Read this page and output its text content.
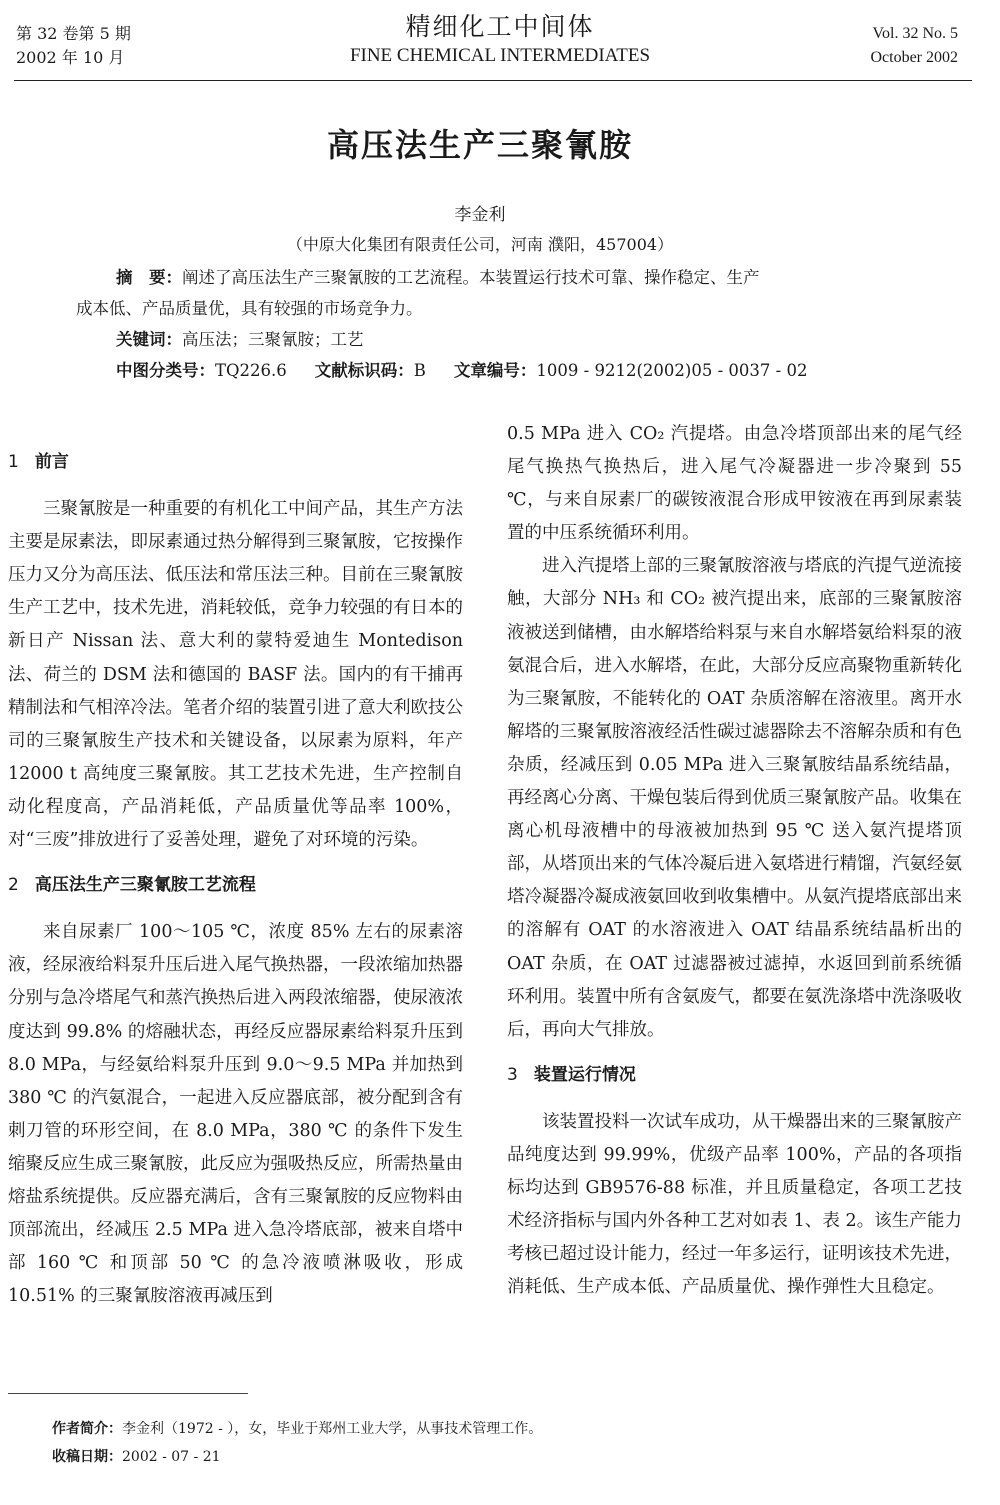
第 32 卷第 5 期
2002 年 10 月
精细化工中间体
FINE CHEMICAL INTERMEDIATES
Vol. 32 No. 5
October 2002
高压法生产三聚氰胺
李金利
（中原大化集团有限责任公司，河南 濮阳，457004）

摘　要：阐述了高压法生产三聚氰胺的工艺流程。本装置运行技术可靠、操作稳定、生产

成本低、产品质量优，具有较强的市场竞争力。

关键词：高压法；三聚氰胺；工艺

中图分类号：TQ226.6 文献标识码：B 文章编号：1009 - 9212(2002)05 - 0037 - 02

1 前言

三聚氰胺是一种重要的有机化工中间产品，其生产方法主要是尿素法，即尿素通过热分解得到三聚氰胺，它按操作压力又分为高压法、低压法和常压法三种。目前在三聚氰胺生产工艺中，技术先进，消耗较低，竞争力较强的有日本的新日产 Nissan 法、意大利的蒙特爱迪生 Montedison 法、荷兰的 DSM 法和德国的 BASF 法。国内的有干捕再精制法和气相淬冷法。笔者介绍的装置引进了意大利欧技公司的三聚氰胺生产技术和关键设备，以尿素为原料，年产 12000 t 高纯度三聚氰胺。其工艺技术先进，生产控制自动化程度高，产品消耗低，产品质量优等品率 100%，对“三废”排放进行了妥善处理，避免了对环境的污染。

2 高压法生产三聚氰胺工艺流程

来自尿素厂 100～105 ℃，浓度 85% 左右的尿素溶液，经尿液给料泵升压后进入尾气换热器，一段浓缩加热器分别与急冷塔尾气和蒸汽换热后进入两段浓缩器，使尿液浓度达到 99.8% 的熔融状态，再经反应器尿素给料泵升压到 8.0 MPa，与经氨给料泵升压到 9.0～9.5 MPa 并加热到 380 ℃ 的汽氨混合，一起进入反应器底部，被分配到含有刺刀管的环形空间，在 8.0 MPa，380 ℃ 的条件下发生缩聚反应生成三聚氰胺，此反应为强吸热反应，所需热量由熔盐系统提供。反应器充满后，含有三聚氰胺的反应物料由顶部流出，经减压 2.5 MPa 进入急冷塔底部，被来自塔中部 160 ℃ 和顶部 50 ℃ 的急冷液喷淋吸收，形成 10.51% 的三聚氰胺溶液再减压到

0.5 MPa 进入 CO₂ 汽提塔。由急冷塔顶部出来的尾气经尾气换热气换热后，进入尾气冷凝器进一步冷聚到 55 ℃，与来自尿素厂的碳铵液混合形成甲铵液在再到尿素装置的中压系统循环利用。

进入汽提塔上部的三聚氰胺溶液与塔底的汽提气逆流接触，大部分 NH₃ 和 CO₂ 被汽提出来，底部的三聚氰胺溶液被送到储槽，由水解塔给料泵与来自水解塔氨给料泵的液氨混合后，进入水解塔，在此，大部分反应高聚物重新转化为三聚氰胺，不能转化的 OAT 杂质溶解在溶液里。离开水解塔的三聚氰胺溶液经活性碳过滤器除去不溶解杂质和有色杂质，经减压到 0.05 MPa 进入三聚氰胺结晶系统结晶，再经离心分离、干燥包装后得到优质三聚氰胺产品。收集在离心机母液槽中的母液被加热到 95 ℃ 送入氨汽提塔顶部，从塔顶出来的气体冷凝后进入氨塔进行精馏，汽氨经氨塔冷凝器冷凝成液氨回收到收集槽中。从氨汽提塔底部出来的溶解有 OAT 的水溶液进入 OAT 结晶系统结晶析出的 OAT 杂质，在 OAT 过滤器被过滤掉，水返回到前系统循环利用。装置中所有含氨废气，都要在氨洗涤塔中洗涤吸收后，再向大气排放。

3 装置运行情况

该装置投料一次试车成功，从干燥器出来的三聚氰胺产品纯度达到 99.99%，优级产品率 100%，产品的各项指标均达到 GB9576-88 标准，并且质量稳定，各项工艺技术经济指标与国内外各种工艺对如表 1、表 2。该生产能力考核已超过设计能力，经过一年多运行，证明该技术先进，消耗低、生产成本低、产品质量优、操作弹性大且稳定。

作者简介：李金利（1972 - ），女，毕业于郑州工业大学，从事技术管理工作。
收稿日期：2002 - 07 - 21
